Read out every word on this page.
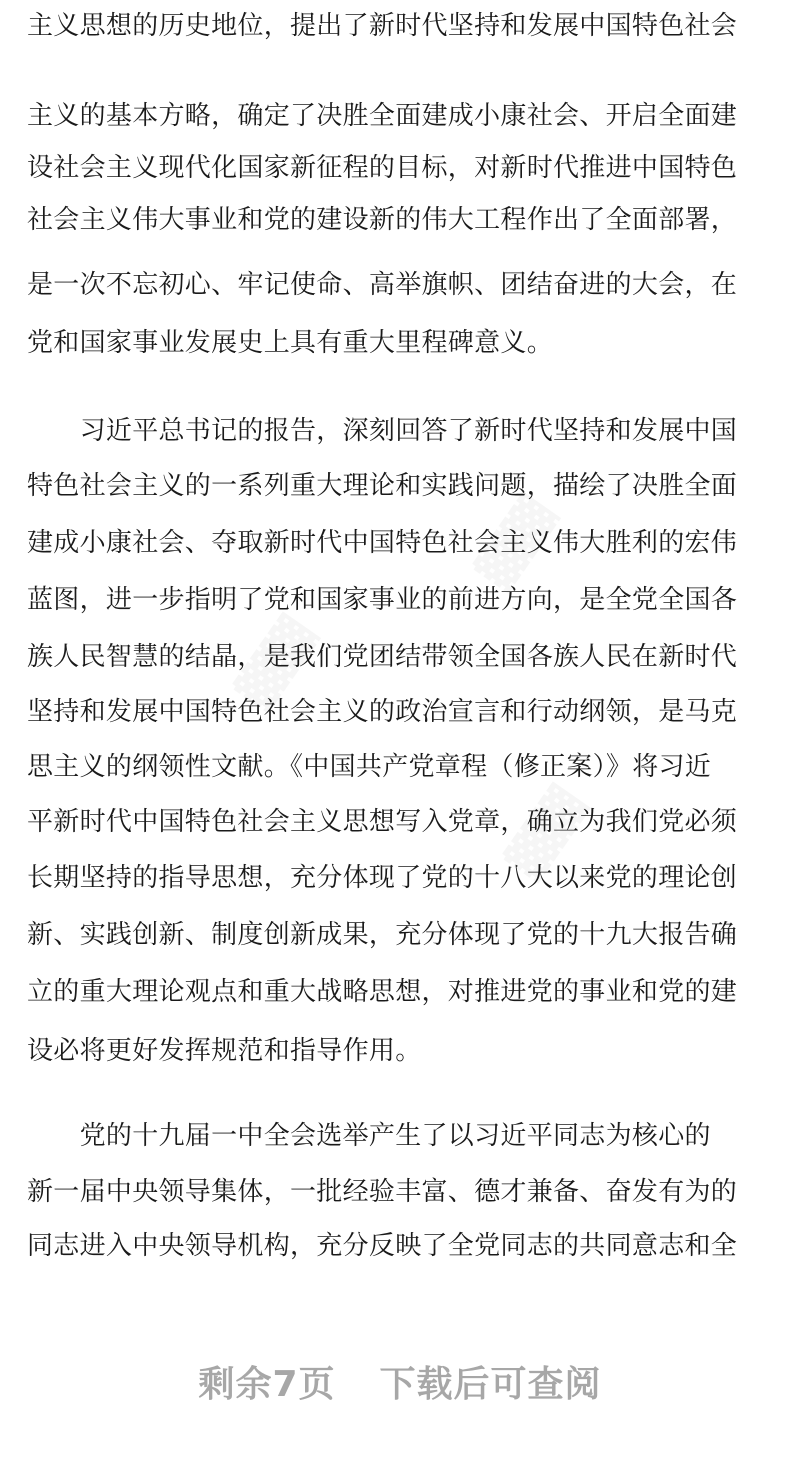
▓▓▓
▓▓▓
▓▓▓
主义思想的历史地位，提出了新时代坚持和发展中国特色社会
主义的基本方略，确定了决胜全面建成小康社会、开启全面建
设社会主义现代化国家新征程的目标，对新时代推进中国特色
社会主义伟大事业和党的建设新的伟大工程作出了全面部署，
是一次不忘初心、牢记使命、高举旗帜、团结奋进的大会，在
党和国家事业发展史上具有重大里程碑意义。
　　习近平总书记的报告，深刻回答了新时代坚持和发展中国
特色社会主义的一系列重大理论和实践问题，描绘了决胜全面
建成小康社会、夺取新时代中国特色社会主义伟大胜利的宏伟
蓝图，进一步指明了党和国家事业的前进方向，是全党全国各
族人民智慧的结晶，是我们党团结带领全国各族人民在新时代
坚持和发展中国特色社会主义的政治宣言和行动纲领，是马克
思主义的纲领性文献。《中国共产党章程（修正案）》将习近
平新时代中国特色社会主义思想写入党章，确立为我们党必须
长期坚持的指导思想，充分体现了党的十八大以来党的理论创
新、实践创新、制度创新成果，充分体现了党的十九大报告确
立的重大理论观点和重大战略思想，对推进党的事业和党的建
设必将更好发挥规范和指导作用。
　　党的十九届一中全会选举产生了以习近平同志为核心的
新一届中央领导集体，一批经验丰富、德才兼备、奋发有为的
同志进入中央领导机构，充分反映了全党同志的共同意志和全
剩余7页 下载后可查阅
